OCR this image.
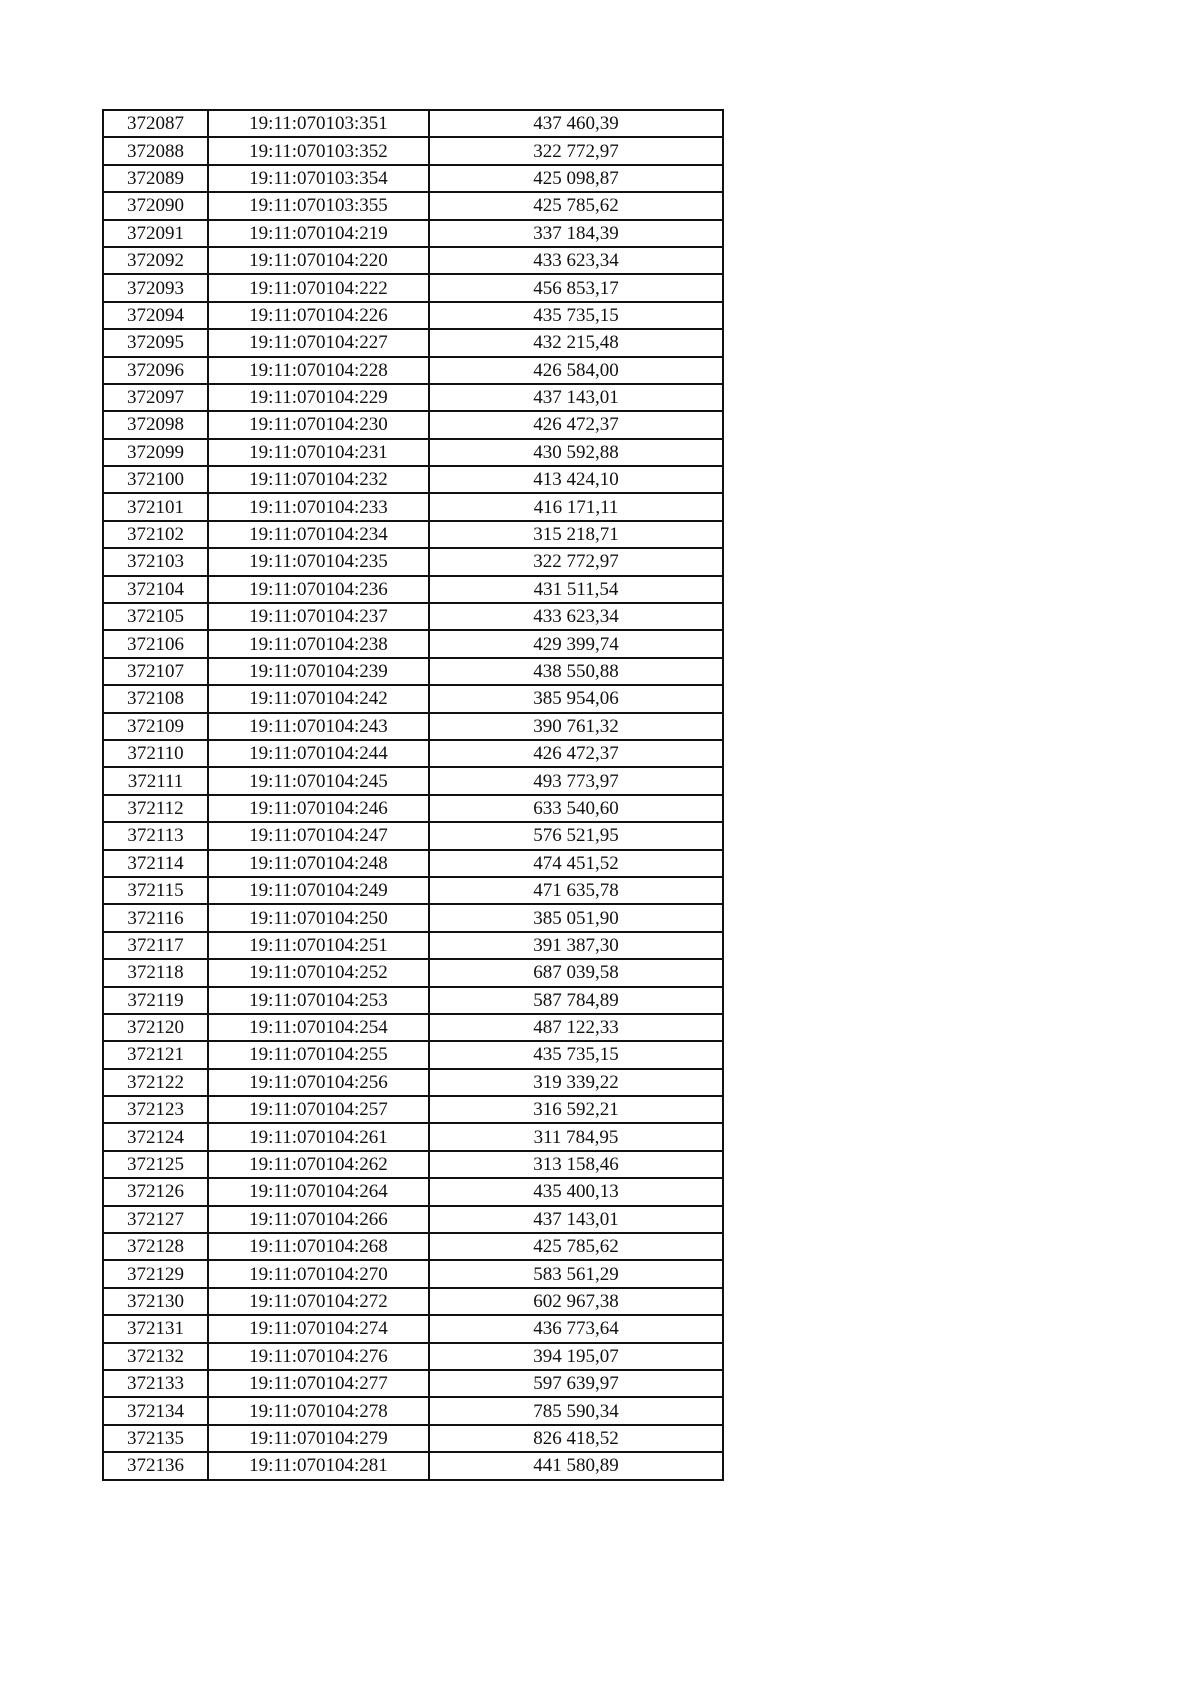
372087	19:11:070103:351	437 460,39
372088	19:11:070103:352	322 772,97
372089	19:11:070103:354	425 098,87
372090	19:11:070103:355	425 785,62
372091	19:11:070104:219	337 184,39
372092	19:11:070104:220	433 623,34
372093	19:11:070104:222	456 853,17
372094	19:11:070104:226	435 735,15
372095	19:11:070104:227	432 215,48
372096	19:11:070104:228	426 584,00
372097	19:11:070104:229	437 143,01
372098	19:11:070104:230	426 472,37
372099	19:11:070104:231	430 592,88
372100	19:11:070104:232	413 424,10
372101	19:11:070104:233	416 171,11
372102	19:11:070104:234	315 218,71
372103	19:11:070104:235	322 772,97
372104	19:11:070104:236	431 511,54
372105	19:11:070104:237	433 623,34
372106	19:11:070104:238	429 399,74
372107	19:11:070104:239	438 550,88
372108	19:11:070104:242	385 954,06
372109	19:11:070104:243	390 761,32
372110	19:11:070104:244	426 472,37
372111	19:11:070104:245	493 773,97
372112	19:11:070104:246	633 540,60
372113	19:11:070104:247	576 521,95
372114	19:11:070104:248	474 451,52
372115	19:11:070104:249	471 635,78
372116	19:11:070104:250	385 051,90
372117	19:11:070104:251	391 387,30
372118	19:11:070104:252	687 039,58
372119	19:11:070104:253	587 784,89
372120	19:11:070104:254	487 122,33
372121	19:11:070104:255	435 735,15
372122	19:11:070104:256	319 339,22
372123	19:11:070104:257	316 592,21
372124	19:11:070104:261	311 784,95
372125	19:11:070104:262	313 158,46
372126	19:11:070104:264	435 400,13
372127	19:11:070104:266	437 143,01
372128	19:11:070104:268	425 785,62
372129	19:11:070104:270	583 561,29
372130	19:11:070104:272	602 967,38
372131	19:11:070104:274	436 773,64
372132	19:11:070104:276	394 195,07
372133	19:11:070104:277	597 639,97
372134	19:11:070104:278	785 590,34
372135	19:11:070104:279	826 418,52
372136	19:11:070104:281	441 580,89
